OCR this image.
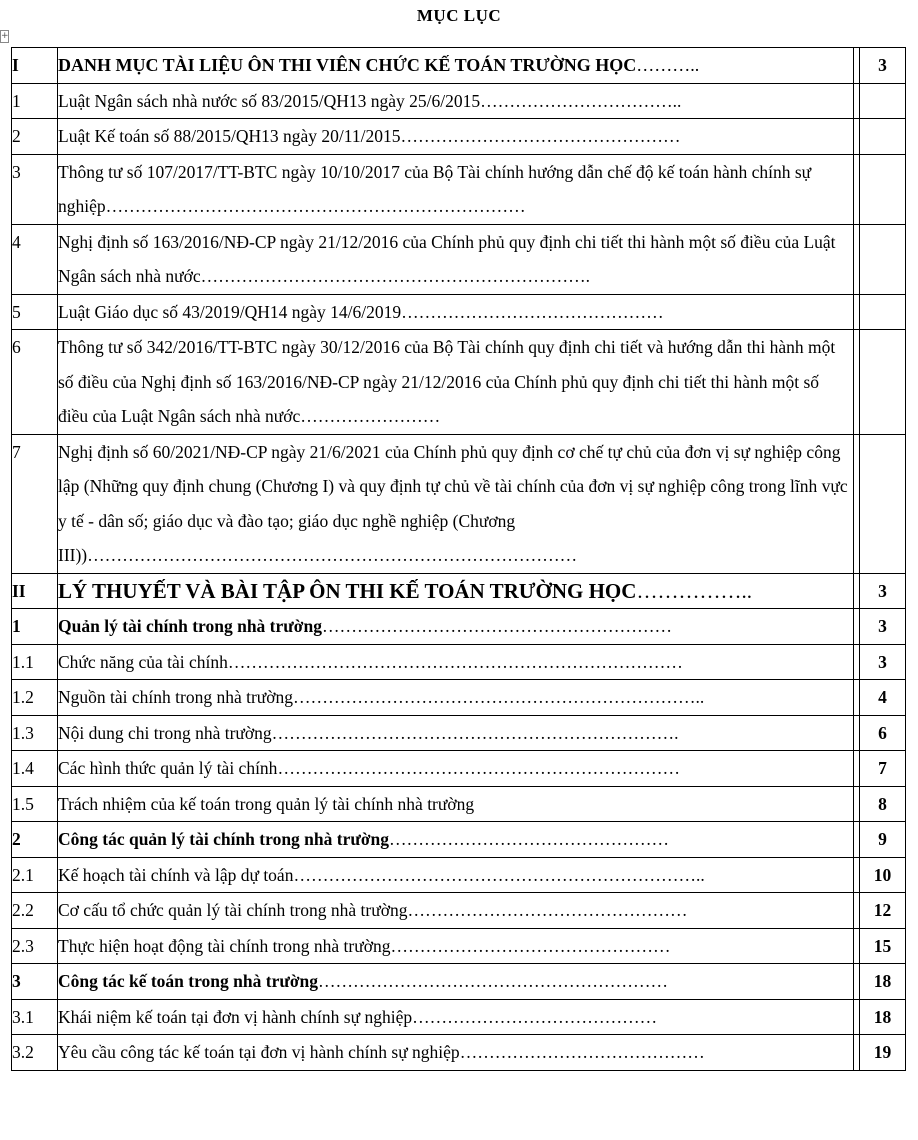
+
MỤC LỤC
I	DANH MỤC TÀI LIỆU ÔN THI VIÊN CHỨC KẾ TOÁN TRƯỜNG HỌC………..		3
1	Luật Ngân sách nhà nước số 83/2015/QH13 ngày 25/6/2015……………………………..		
2	Luật Kế toán số 88/2015/QH13 ngày 20/11/2015…………………………………………		
3	Thông tư số 107/2017/TT-BTC ngày 10/10/2017 của Bộ Tài chính hướng dẫn chế độ kế toán hành chính sự nghiệp………………………………………………………………		
4	Nghị định số 163/2016/NĐ-CP ngày 21/12/2016 của Chính phủ quy định chi tiết thi hành một số điều của Luật Ngân sách nhà nước………………………………………………………….		
5	Luật Giáo dục số 43/2019/QH14 ngày 14/6/2019………………………………………		
6	Thông tư số 342/2016/TT-BTC ngày 30/12/2016 của Bộ Tài chính quy định chi tiết và hướng dẫn thi hành một số điều của Nghị định số 163/2016/NĐ-CP ngày 21/12/2016 của Chính phủ quy định chi tiết thi hành một số điều của Luật Ngân sách nhà nước……………………		
7	Nghị định số 60/2021/NĐ-CP ngày 21/6/2021 của Chính phủ quy định cơ chế tự chủ của đơn vị sự nghiệp công lập (Những quy định chung (Chương I) và quy định tự chủ về tài chính của đơn vị sự nghiệp công trong lĩnh vực y tế - dân số; giáo dục và đào tạo; giáo dục nghề nghiệp (Chương III))…………………………………………………………………………		
II	LÝ THUYẾT VÀ BÀI TẬP ÔN THI KẾ TOÁN TRƯỜNG HỌC……………..		3
1	Quản lý tài chính trong nhà trường……………………………………………………		3
1.1	Chức năng của tài chính……………………………………………………………………		3
1.2	Nguồn tài chính trong nhà trường……………………………………………………………..		4
1.3	Nội dung chi trong nhà trường…………………………………………………………….		6
1.4	Các hình thức quản lý tài chính……………………………………………………………		7
1.5	Trách nhiệm của kế toán trong quản lý tài chính nhà trường		8
2	Công tác quản lý tài chính trong nhà trường…………………………………………		9
2.1	Kế hoạch tài chính và lập dự toán……………………………………………………………..		10
2.2	Cơ cấu tổ chức quản lý tài chính trong nhà trường…………………………………………		12
2.3	Thực hiện hoạt động tài chính trong nhà trường…………………………………………		15
3	Công tác kế toán trong nhà trường……………………………………………………		18
3.1	Khái niệm kế toán tại đơn vị hành chính sự nghiệp……………………………………		18
3.2	Yêu cầu công tác kế toán tại đơn vị hành chính sự nghiệp……………………………………		19
